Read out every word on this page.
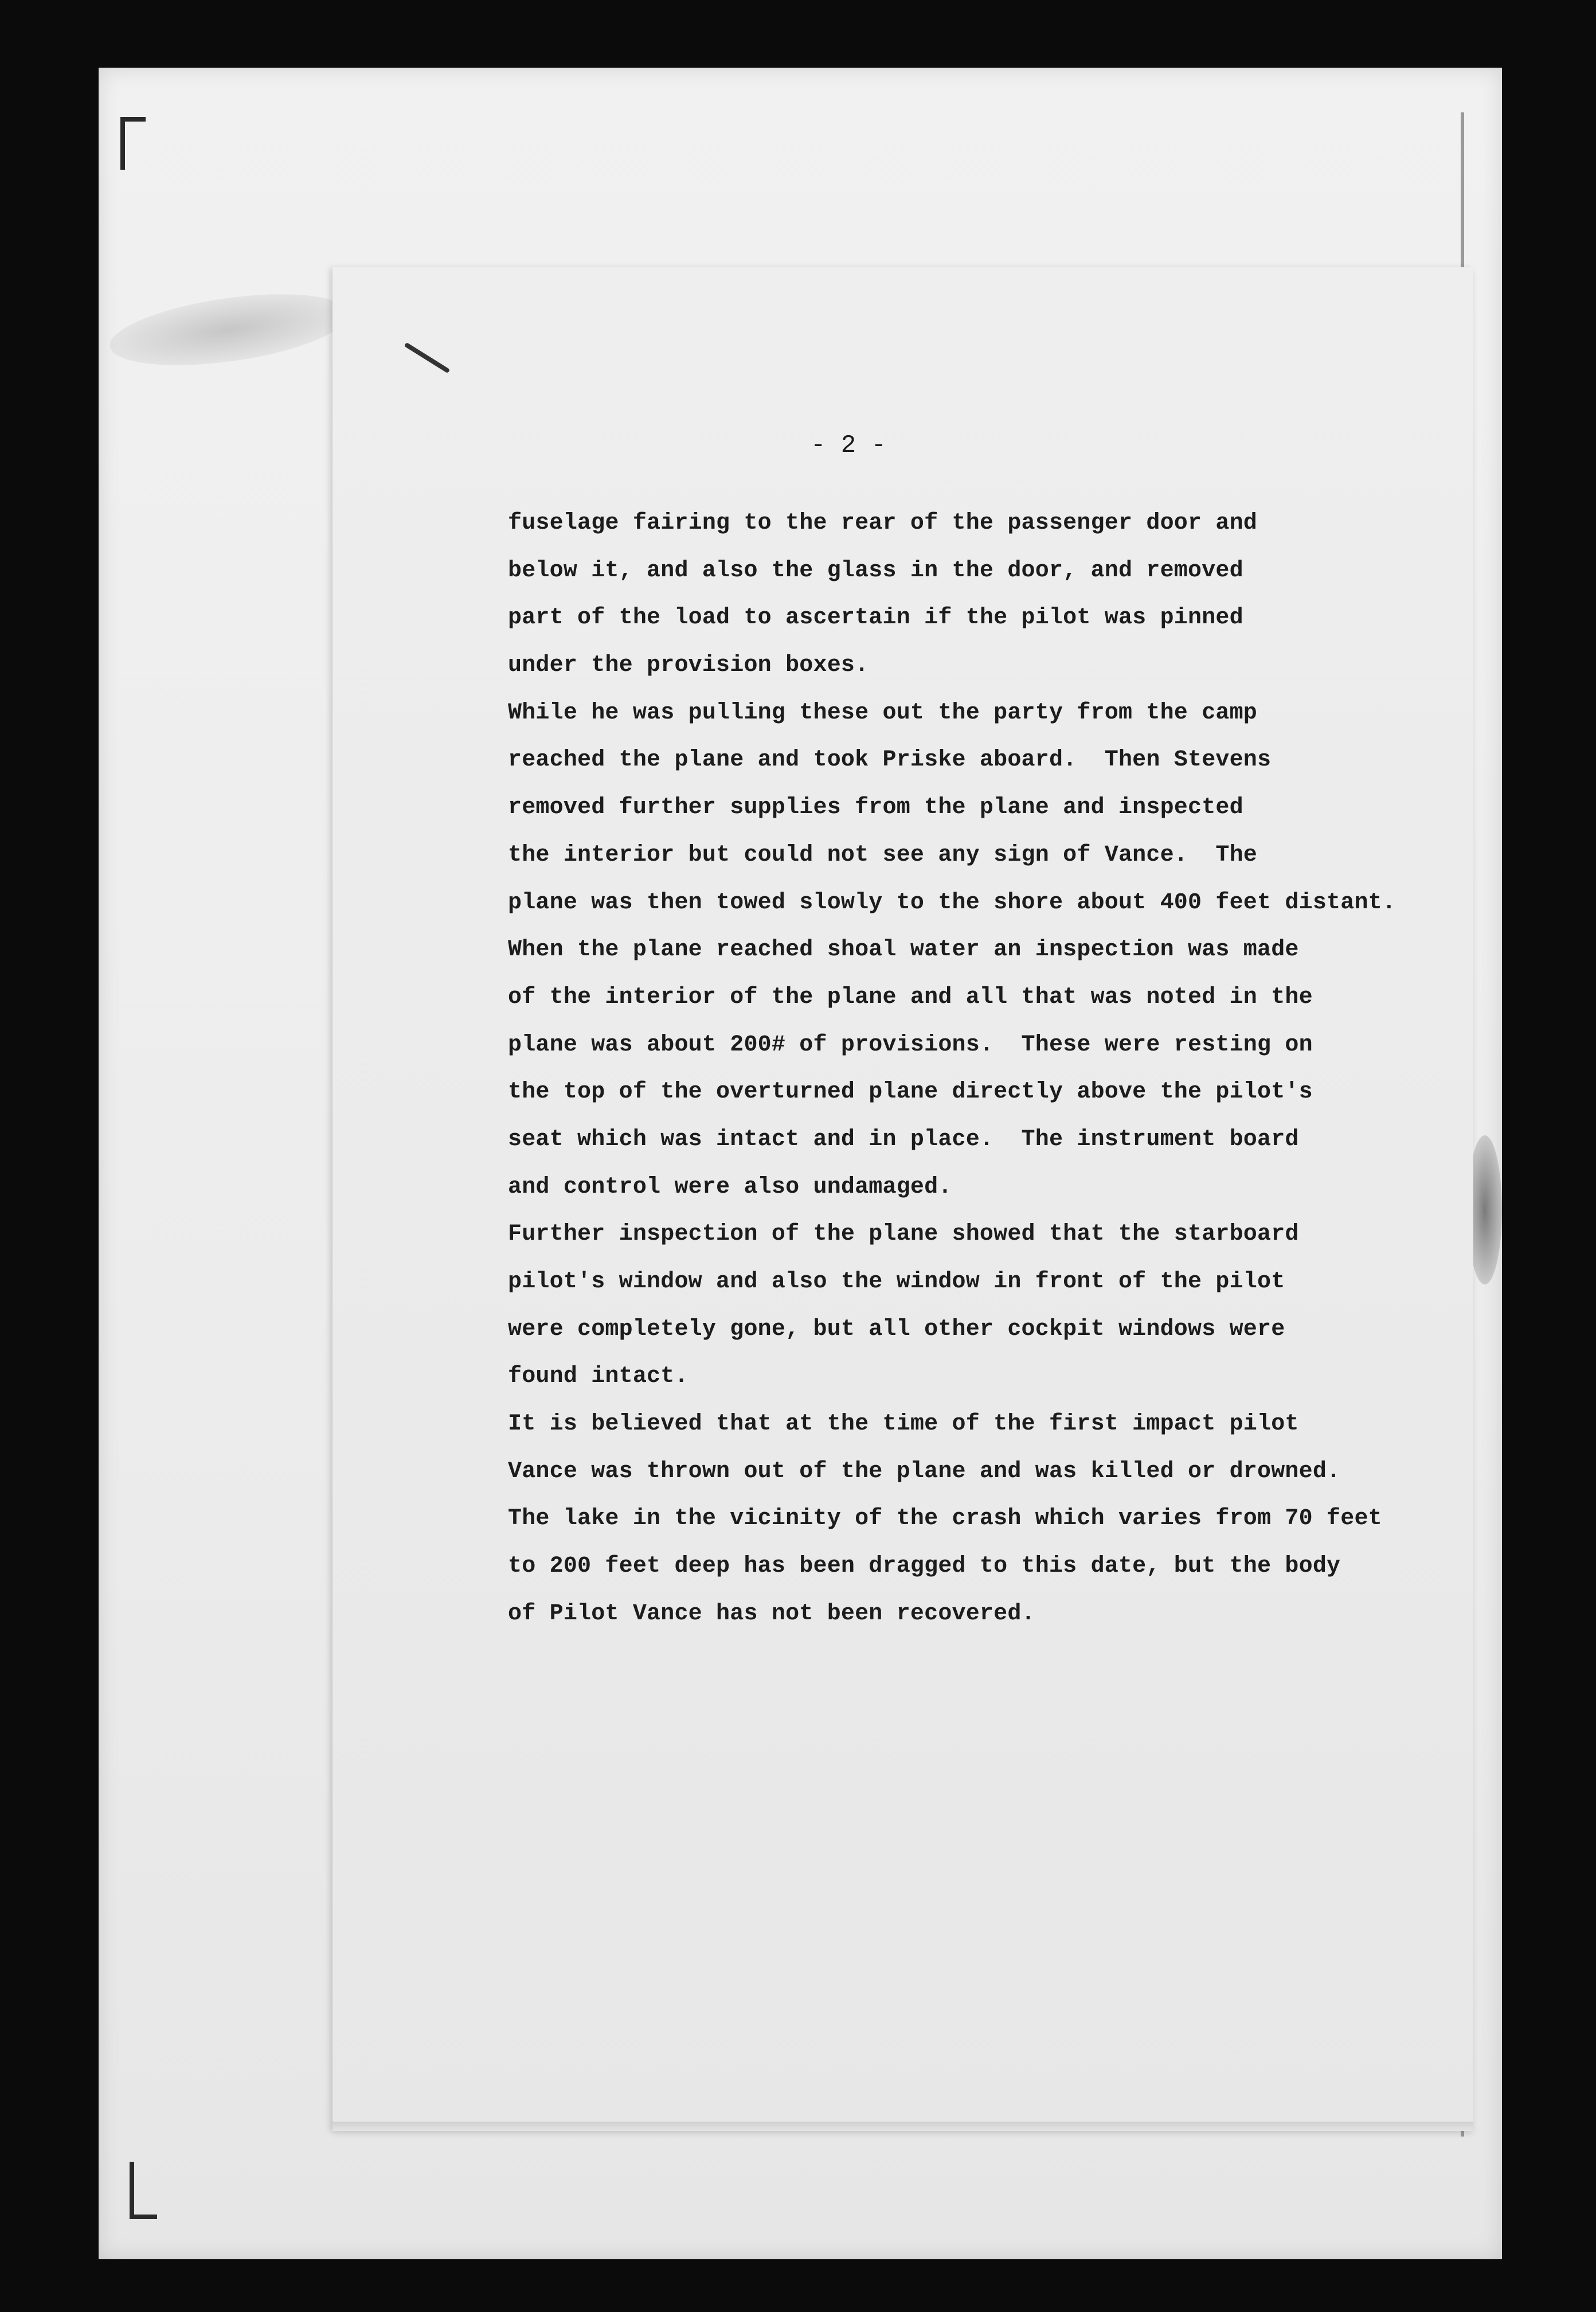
- 2 -
fuselage fairing to the rear of the passenger door and
below it, and also the glass in the door, and removed
part of the load to ascertain if the pilot was pinned
under the provision boxes.
While he was pulling these out the party from the camp
reached the plane and took Priske aboard.  Then Stevens
removed further supplies from the plane and inspected
the interior but could not see any sign of Vance.  The
plane was then towed slowly to the shore about 400 feet distant.
When the plane reached shoal water an inspection was made
of the interior of the plane and all that was noted in the
plane was about 200# of provisions.  These were resting on
the top of the overturned plane directly above the pilot's
seat which was intact and in place.  The instrument board
and control were also undamaged.
Further inspection of the plane showed that the starboard
pilot's window and also the window in front of the pilot
were completely gone, but all other cockpit windows were
found intact.
It is believed that at the time of the first impact pilot
Vance was thrown out of the plane and was killed or drowned.
The lake in the vicinity of the crash which varies from 70 feet
to 200 feet deep has been dragged to this date, but the body
of Pilot Vance has not been recovered.
